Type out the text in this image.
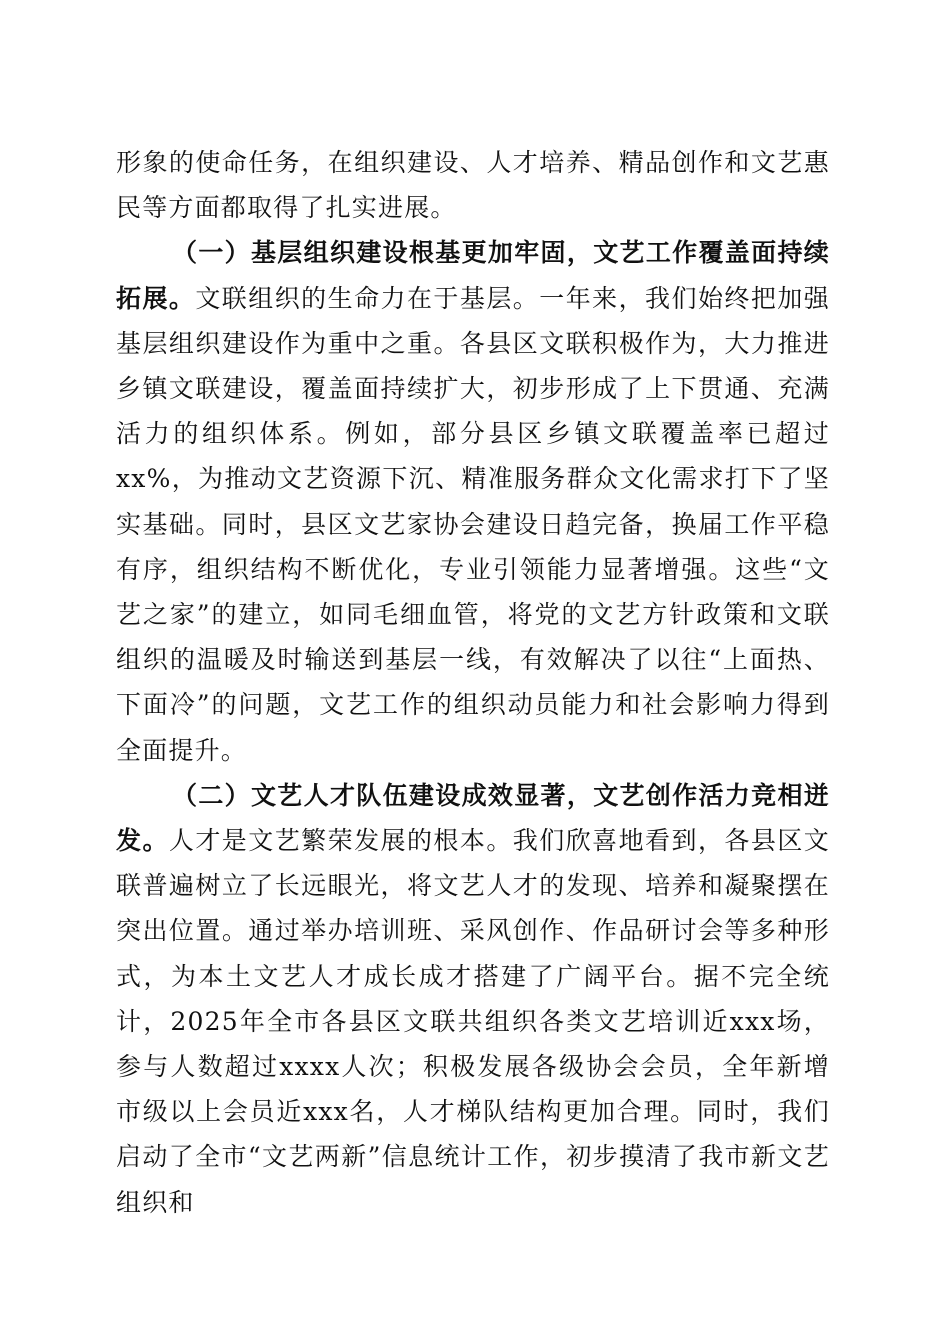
形象的使命任务，在组织建设、人才培养、精品创作和文艺惠民等方面都取得了扎实进展。

（一）基层组织建设根基更加牢固，文艺工作覆盖面持续拓展。文联组织的生命力在于基层。一年来，我们始终把加强基层组织建设作为重中之重。各县区文联积极作为，大力推进乡镇文联建设，覆盖面持续扩大，初步形成了上下贯通、充满活力的组织体系。例如，部分县区乡镇文联覆盖率已超过xx%，为推动文艺资源下沉、精准服务群众文化需求打下了坚实基础。同时，县区文艺家协会建设日趋完备，换届工作平稳有序，组织结构不断优化，专业引领能力显著增强。这些“文艺之家”的建立，如同毛细血管，将党的文艺方针政策和文联组织的温暖及时输送到基层一线，有效解决了以往“上面热、下面冷”的问题，文艺工作的组织动员能力和社会影响力得到全面提升。

（二）文艺人才队伍建设成效显著，文艺创作活力竞相迸发。人才是文艺繁荣发展的根本。我们欣喜地看到，各县区文联普遍树立了长远眼光，将文艺人才的发现、培养和凝聚摆在突出位置。通过举办培训班、采风创作、作品研讨会等多种形式，为本土文艺人才成长成才搭建了广阔平台。据不完全统计，2025年全市各县区文联共组织各类文艺培训近xxx场，参与人数超过xxxx人次；积极发展各级协会会员，全年新增市级以上会员近xxx名，人才梯队结构更加合理。同时，我们启动了全市“文艺两新”信息统计工作，初步摸清了我市新文艺组织和
